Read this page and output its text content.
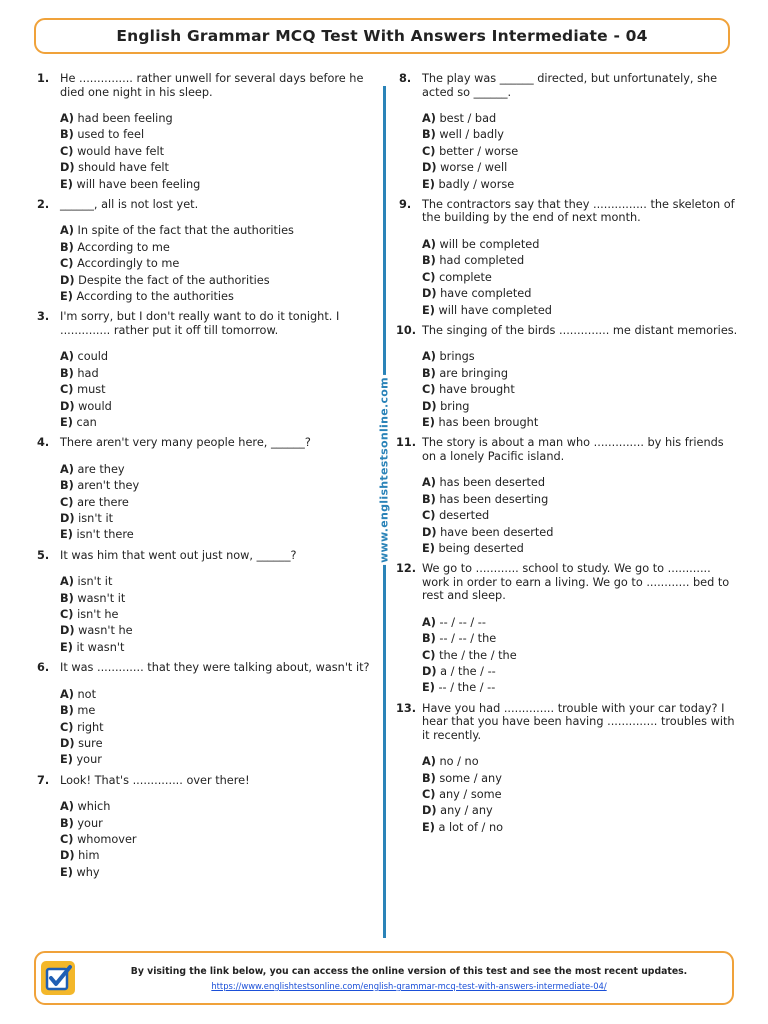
English Grammar MCQ Test With Answers Intermediate - 04
1. He ............... rather unwell for several days before he died one night in his sleep.
A) had been feeling
B) used to feel
C) would have felt
D) should have felt
E) will have been feeling
2. ______, all is not lost yet.
A) In spite of the fact that the authorities
B) According to me
C) Accordingly to me
D) Despite the fact of the authorities
E) According to the authorities
3. I'm sorry, but I don't really want to do it tonight. I .............. rather put it off till tomorrow.
A) could
B) had
C) must
D) would
E) can
4. There aren't very many people here, ______?
A) are they
B) aren't they
C) are there
D) isn't it
E) isn't there
5. It was him that went out just now, ______?
A) isn't it
B) wasn't it
C) isn't he
D) wasn't he
E) it wasn't
6. It was ............. that they were talking about, wasn't it?
A) not
B) me
C) right
D) sure
E) your
7. Look! That's .............. over there!
A) which
B) your
C) whomover
D) him
E) why
www.englishtestsonline.com
8. The play was ______ directed, but unfortunately, she acted so ______.
A) best / bad
B) well / badly
C) better / worse
D) worse / well
E) badly / worse
9. The contractors say that they ............... the skeleton of the building by the end of next month.
A) will be completed
B) had completed
C) complete
D) have completed
E) will have completed
10. The singing of the birds .............. me distant memories.
A) brings
B) are bringing
C) have brought
D) bring
E) has been brought
11. The story is about a man who .............. by his friends on a lonely Pacific island.
A) has been deserted
B) has been deserting
C) deserted
D) have been deserted
E) being deserted
12. We go to ............ school to study. We go to ............ work in order to earn a living. We go to ............ bed to rest and sleep.
A) -- / -- / --
B) -- / -- / the
C) the / the / the
D) a / the / --
E) -- / the / --
13. Have you had .............. trouble with your car today? I hear that you have been having .............. troubles with it recently.
A) no / no
B) some / any
C) any / some
D) any / any
E) a lot of / no
By visiting the link below, you can access the online version of this test and see the most recent updates.
https://www.englishtestsonline.com/english-grammar-mcq-test-with-answers-intermediate-04/
